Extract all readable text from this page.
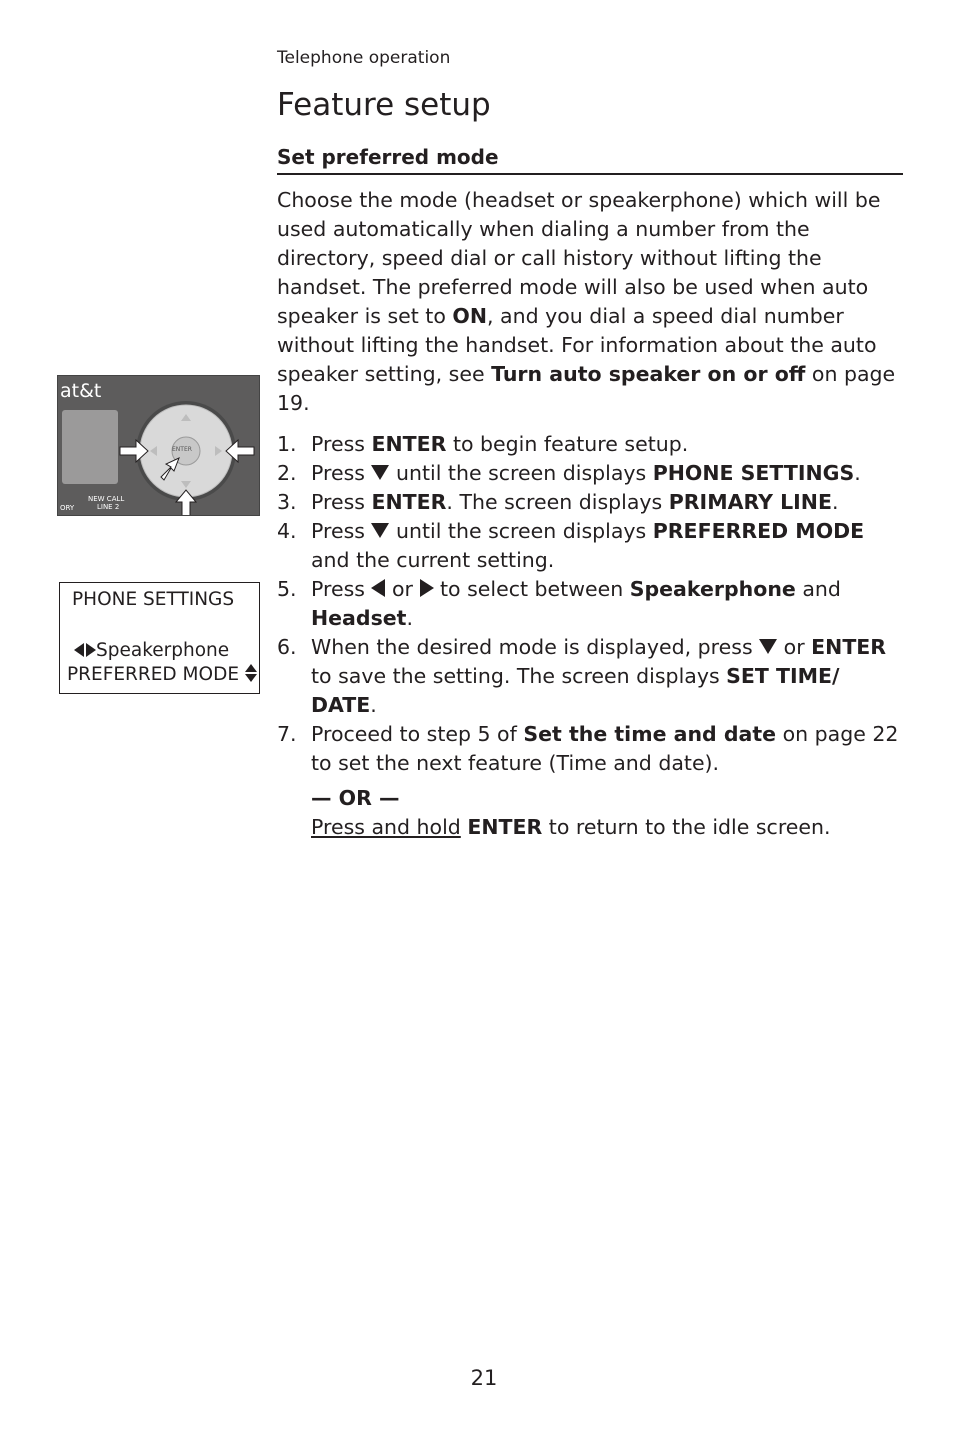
Telephone operation
Feature setup
Set preferred mode

Choose the mode (headset or speakerphone) which will be used automatically when dialing a number from the directory, speed dial or call history without lifting the handset. The preferred mode will also be used when auto speaker is set to ON, and you dial a speed dial number without lifting the handset. For information about the auto speaker setting, see Turn auto speaker on or off on page 19.

at&t
ENTER
ORY
NEW CALL
LINE 2
PHONE SETTINGS
Speakerphone
PREFERRED MODE
1. Press ENTER to begin feature setup.
2. Press  until the screen displays PHONE SETTINGS.
3. Press ENTER. The screen displays PRIMARY LINE.
4. Press  until the screen displays PREFERRED MODE and the current setting.
5. Press  or  to select between Speakerphone and Headset.
6. When the desired mode is displayed, press  or ENTER to save the setting. The screen displays SET TIME/ DATE.
7. Proceed to step 5 of Set the time and date on page 22 to set the next feature (Time and date).

— OR —

Press and hold ENTER to return to the idle screen.

21
